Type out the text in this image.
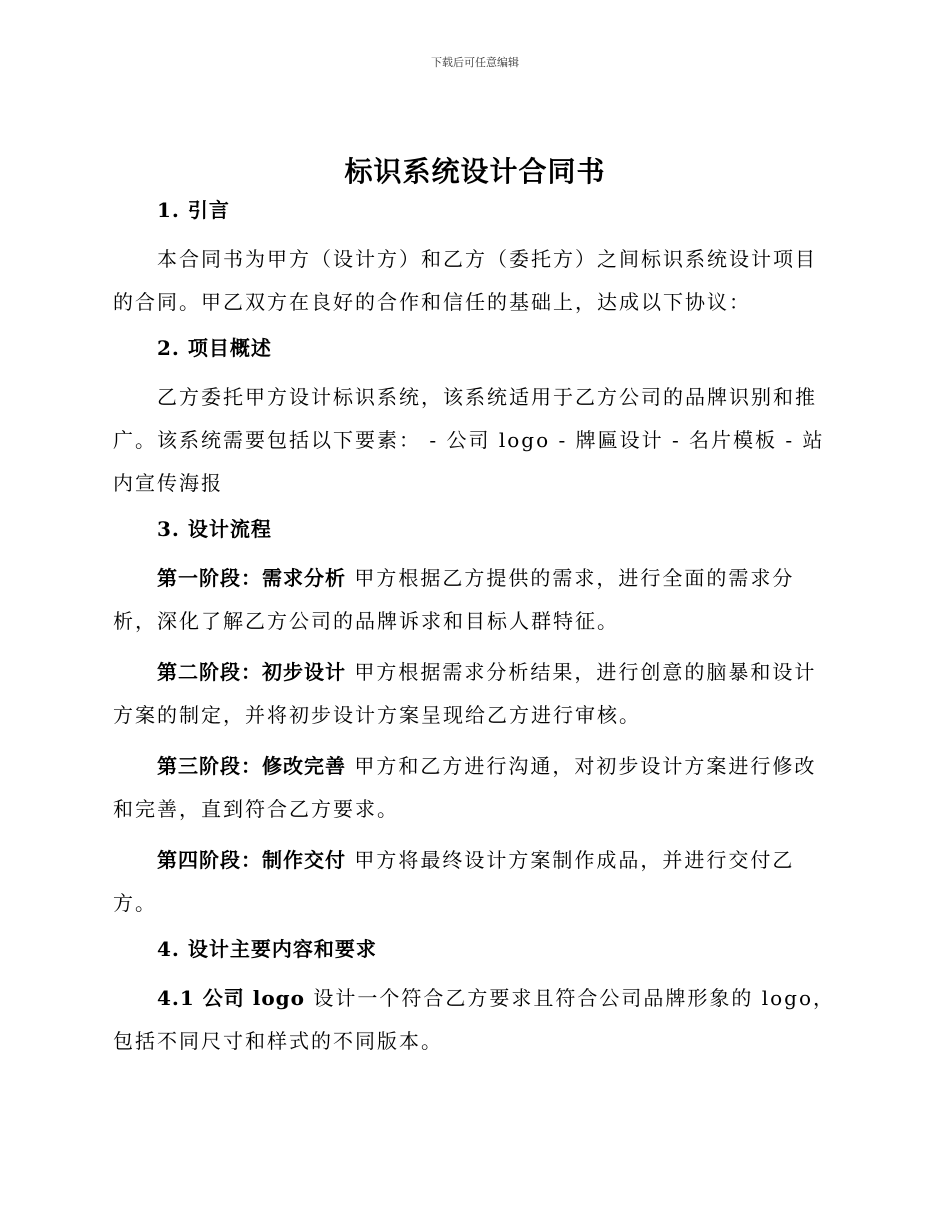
下载后可任意编辑
标识系统设计合同书
1. 引言
本合同书为甲方（设计方）和乙方（委托方）之间标识系统设计项目的合同。甲乙双方在良好的合作和信任的基础上，达成以下协议：
2. 项目概述
乙方委托甲方设计标识系统，该系统适用于乙方公司的品牌识别和推广。该系统需要包括以下要素： - 公司 logo - 牌匾设计 - 名片模板 - 站内宣传海报
3. 设计流程
第一阶段：需求分析 甲方根据乙方提供的需求，进行全面的需求分析，深化了解乙方公司的品牌诉求和目标人群特征。
第二阶段：初步设计 甲方根据需求分析结果，进行创意的脑暴和设计方案的制定，并将初步设计方案呈现给乙方进行审核。
第三阶段：修改完善 甲方和乙方进行沟通，对初步设计方案进行修改和完善，直到符合乙方要求。
第四阶段：制作交付 甲方将最终设计方案制作成品，并进行交付乙方。
4. 设计主要内容和要求
4.1 公司 logo 设计一个符合乙方要求且符合公司品牌形象的 logo，包括不同尺寸和样式的不同版本。
